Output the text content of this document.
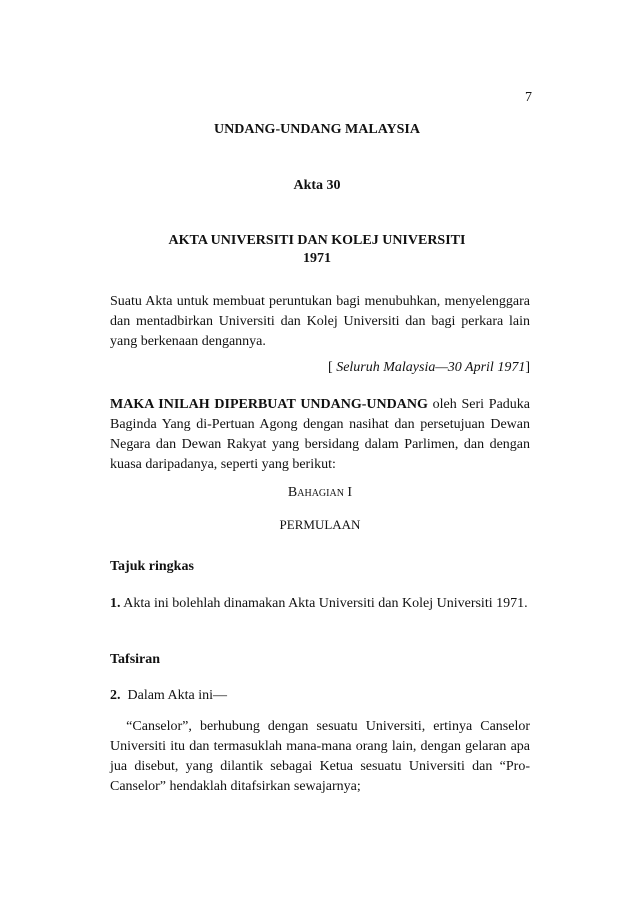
7
UNDANG-UNDANG MALAYSIA
Akta 30
AKTA UNIVERSITI DAN KOLEJ UNIVERSITI
1971
Suatu Akta untuk membuat peruntukan bagi menubuhkan, menyelenggara dan mentadbirkan Universiti dan Kolej Universiti dan bagi perkara lain yang berkenaan dengannya.
[ Seluruh Malaysia—30 April 1971]
MAKA INILAH DIPERBUAT UNDANG-UNDANG oleh Seri Paduka Baginda Yang di-Pertuan Agong dengan nasihat dan persetujuan Dewan Negara dan Dewan Rakyat yang bersidang dalam Parlimen, dan dengan kuasa daripadanya, seperti yang berikut:
BAHAGIAN I
PERMULAAN
Tajuk ringkas
1. Akta ini bolehlah dinamakan Akta Universiti dan Kolej Universiti 1971.
Tafsiran
2.  Dalam Akta ini—
“Canselor”, berhubung dengan sesuatu Universiti, ertinya Canselor Universiti itu dan termasuklah mana-mana orang lain, dengan gelaran apa jua disebut, yang dilantik sebagai Ketua sesuatu Universiti dan “Pro-Canselor” hendaklah ditafsirkan sewajarnya;
